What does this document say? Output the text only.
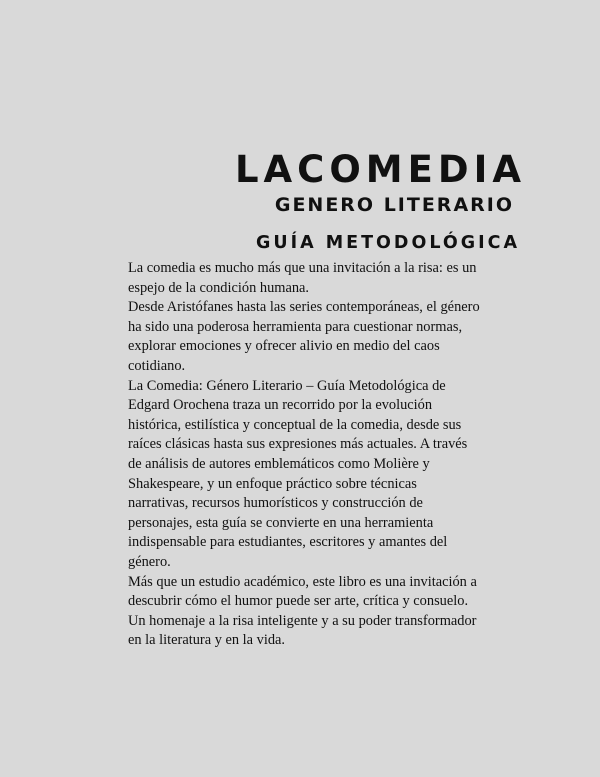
LACOMEDIA
GENERO LITERARIO
GUÍA METODOLÓGICA

La comedia es mucho más que una invitación a la risa: es un espejo de la condición humana.

Desde Aristófanes hasta las series contemporáneas, el género ha sido una poderosa herramienta para cuestionar normas, explorar emociones y ofrecer alivio en medio del caos cotidiano.

La Comedia: Género Literario – Guía Metodológica de Edgard Orochena traza un recorrido por la evolución histórica, estilística y conceptual de la comedia, desde sus raíces clásicas hasta sus expresiones más actuales. A través de análisis de autores emblemáticos como Molière y Shakespeare, y un enfoque práctico sobre técnicas narrativas, recursos humorísticos y construcción de personajes, esta guía se convierte en una herramienta indispensable para estudiantes, escritores y amantes del género.

Más que un estudio académico, este libro es una invitación a descubrir cómo el humor puede ser arte, crítica y consuelo. Un homenaje a la risa inteligente y a su poder transformador en la literatura y en la vida.
